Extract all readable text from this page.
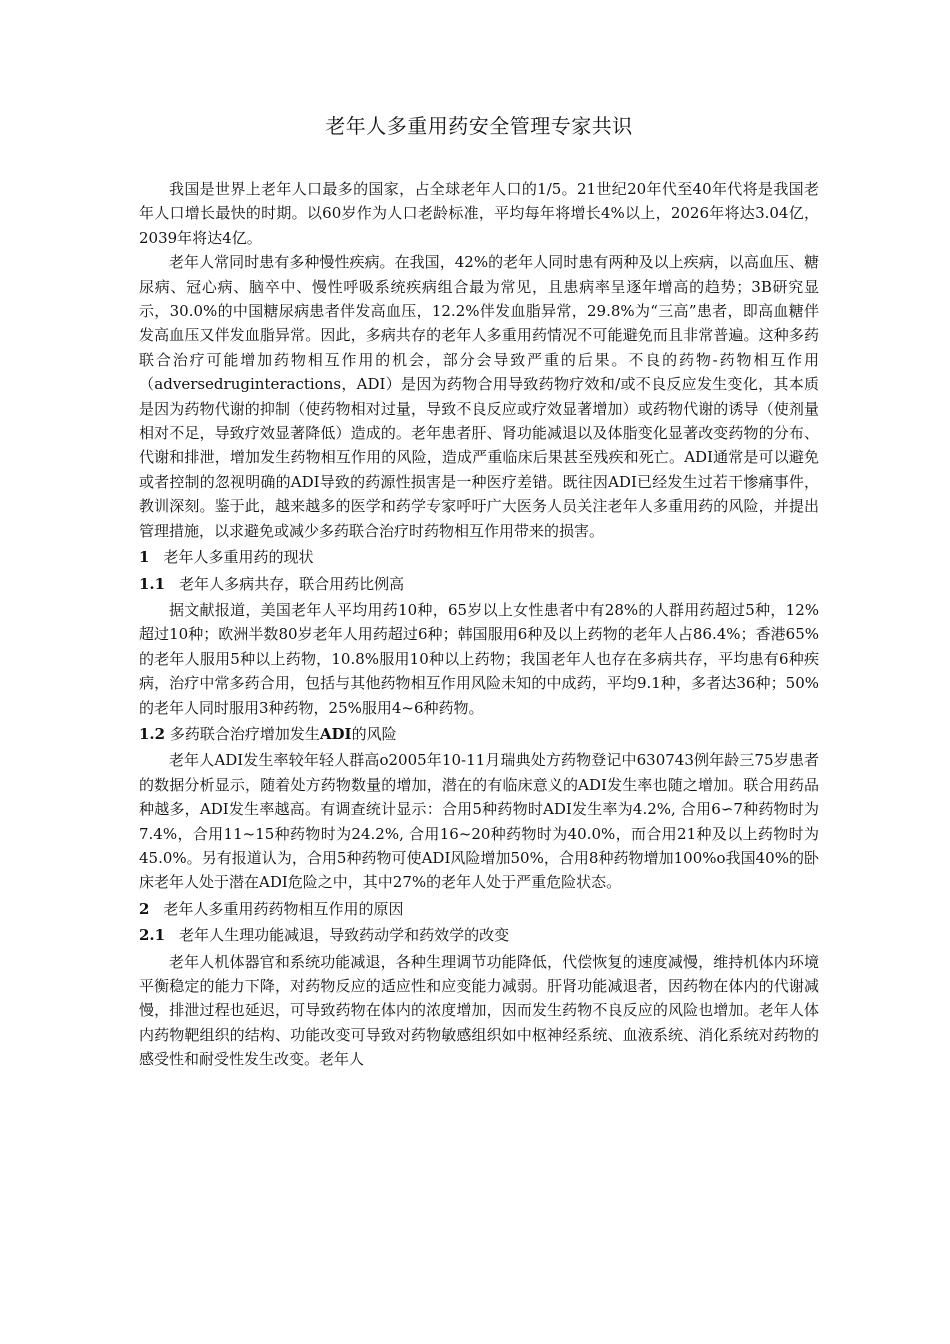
老年人多重用药安全管理专家共识

我国是世界上老年人口最多的国家，占全球老年人口的1/5。21世纪20年代至40年代将是我国老年人口增长最快的时期。以60岁作为人口老龄标准，平均每年将增长4%以上，2026年将达3.04亿，2039年将达4亿。

老年人常同时患有多种慢性疾病。在我国，42%的老年人同时患有两种及以上疾病，以高血压、糖尿病、冠心病、脑卒中、慢性呼吸系统疾病组合最为常见，且患病率呈逐年增高的趋势；3B研究显示，30.0%的中国糖尿病患者伴发高血压，12.2%伴发血脂异常，29.8%为“三高”患者，即高血糖伴发高血压又伴发血脂异常。因此，多病共存的老年人多重用药情况不可能避免而且非常普遍。这种多药联合治疗可能增加药物相互作用的机会，部分会导致严重的后果。不良的药物-药物相互作用（adversedruginteractions，ADI）是因为药物合用导致药物疗效和/或不良反应发生变化，其本质是因为药物代谢的抑制（使药物相对过量，导致不良反应或疗效显著增加）或药物代谢的诱导（使剂量相对不足，导致疗效显著降低）造成的。老年患者肝、肾功能减退以及体脂变化显著改变药物的分布、代谢和排泄，增加发生药物相互作用的风险，造成严重临床后果甚至残疾和死亡。ADI通常是可以避免或者控制的忽视明确的ADI导致的药源性损害是一种医疗差错。既往因ADI已经发生过若干惨痛事件，教训深刻。鉴于此，越来越多的医学和药学专家呼吁广大医务人员关注老年人多重用药的风险，并提出管理措施，以求避免或减少多药联合治疗时药物相互作用带来的损害。

1 老年人多重用药的现状
1.1 老年人多病共存，联合用药比例高

据文献报道，美国老年人平均用药10种，65岁以上女性患者中有28%的人群用药超过5种，12%超过10种；欧洲半数80岁老年人用药超过6种；韩国服用6种及以上药物的老年人占86.4%；香港65%的老年人服用5种以上药物，10.8%服用10种以上药物；我国老年人也存在多病共存，平均患有6种疾病，治疗中常多药合用，包括与其他药物相互作用风险未知的中成药，平均9.1种，多者达36种；50%的老年人同时服用3种药物，25%服用4~6种药物。

1.2 多药联合治疗增加发生ADI的风险

老年人ADI发生率较年轻人群高o2005年10-11月瑞典处方药物登记中630743例年龄三75岁患者的数据分析显示，随着处方药物数量的增加，潜在的有临床意义的ADI发生率也随之增加。联合用药品种越多，ADI发生率越高。有调查统计显示：合用5种药物时ADI发生率为4.2%, 合用6∽7种药物时为7.4%，合用11~15种药物时为24.2%, 合用16~20种药物时为40.0%，而合用21种及以上药物时为45.0%。另有报道认为，合用5种药物可使ADI风险增加50%，合用8种药物增加100%o我国40%的卧床老年人处于潜在ADI危险之中，其中27%的老年人处于严重危险状态。

2 老年人多重用药药物相互作用的原因
2.1 老年人生理功能减退，导致药动学和药效学的改变

老年人机体器官和系统功能减退，各种生理调节功能降低，代偿恢复的速度减慢，维持机体内环境平衡稳定的能力下降，对药物反应的适应性和应变能力减弱。肝肾功能减退者，因药物在体内的代谢减慢，排泄过程也延迟，可导致药物在体内的浓度增加，因而发生药物不良反应的风险也增加。老年人体内药物靶组织的结构、功能改变可导致对药物敏感组织如中枢神经系统、血液系统、消化系统对药物的感受性和耐受性发生改变。老年人
